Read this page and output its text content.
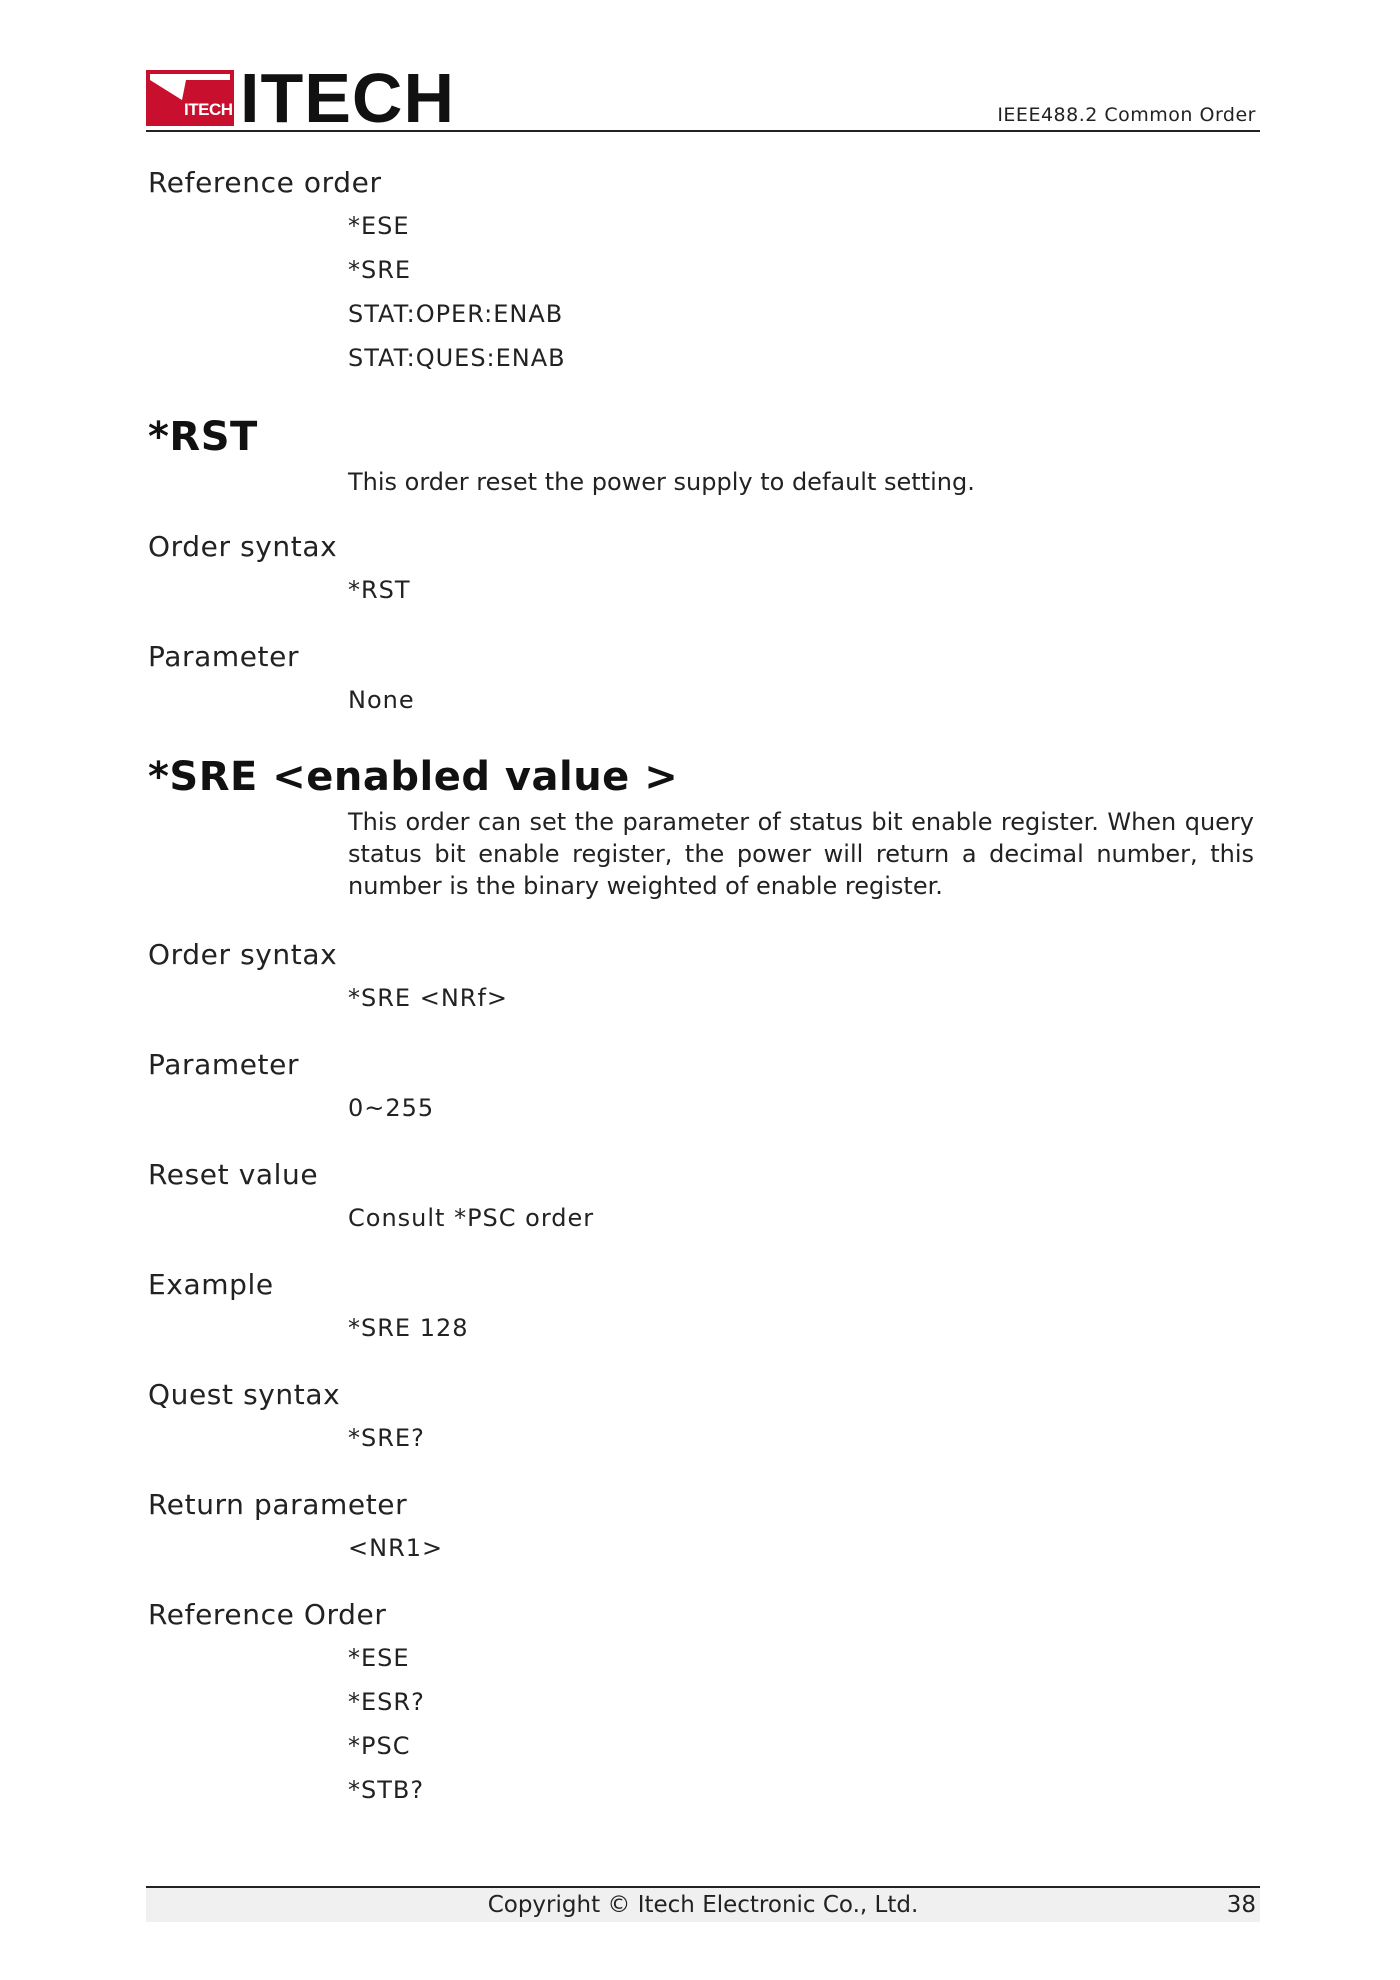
ITECH ITECH	IEEE488.2 Common Order
Reference order
*ESE
*SRE
STAT:OPER:ENAB
STAT:QUES:ENAB
*RST
This order reset the power supply to default setting.
Order syntax
*RST
Parameter
None
*SRE <enabled value >
This order can set the parameter of status bit enable register. When query status bit enable register, the power will return a decimal number, this number is the binary weighted of enable register.
Order syntax
*SRE <NRf>
Parameter
0~255
Reset value
Consult *PSC order
Example
*SRE 128
Quest syntax
*SRE?
Return parameter
<NR1>
Reference Order
*ESE
*ESR?
*PSC
*STB?
Copyright © Itech Electronic Co., Ltd.	38
